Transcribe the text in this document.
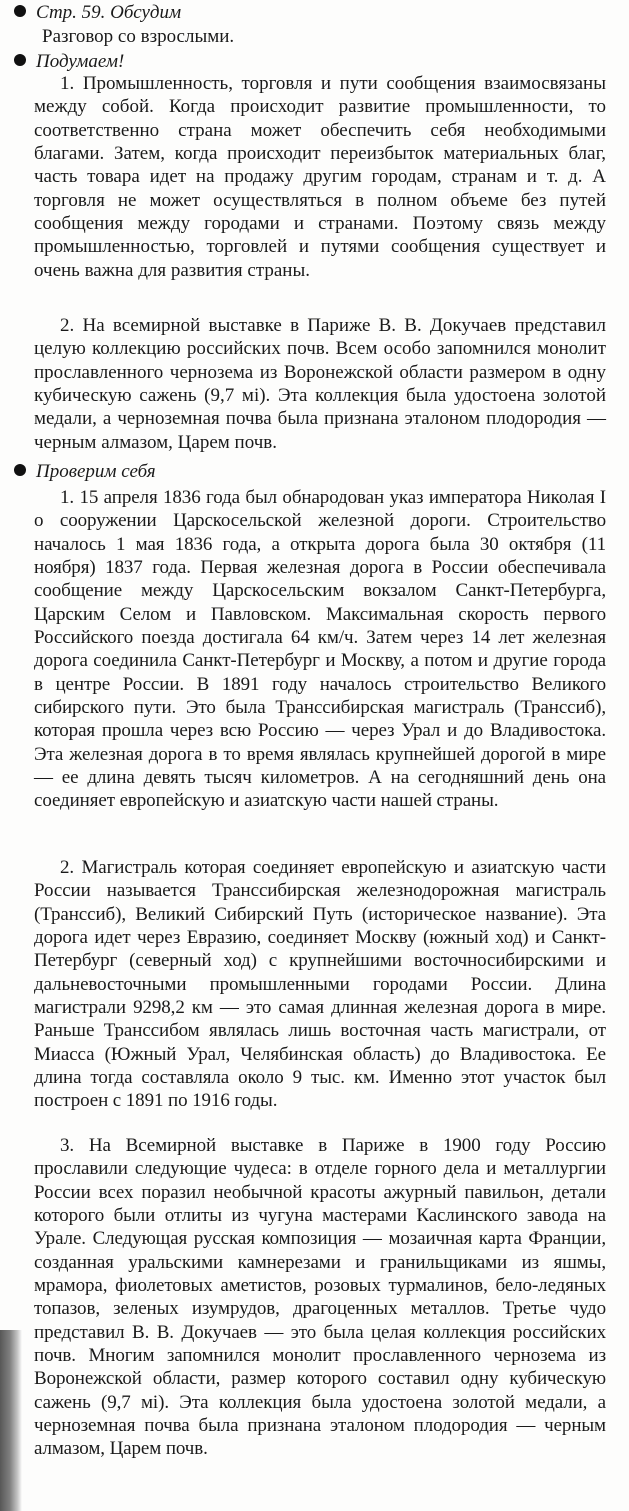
Стр. 59. Обсудим
Разговор со взрослыми.
Подумаем!

1. Промышленность, торговля и пути сообщения взаимосвязаны между собой. Когда происходит развитие промышленности, то соответственно страна может обеспечить себя необходимыми благами. Затем, когда происходит переизбыток материальных благ, часть товара идет на продажу другим городам, странам и т. д. А торговля не может осуществляться в полном объеме без путей сообщения между городами и странами. Поэтому связь между промышленностью, торговлей и путями сообщения существует и очень важна для развития страны.

2. На всемирной выставке в Париже В. В. Докучаев представил целую коллекцию российских почв. Всем особо запомнился монолит прославленного чернозема из Воронежской области размером в одну кубическую сажень (9,7 мі). Эта коллекция была удостоена золотой медали, а черноземная почва была признана эталоном плодородия — черным алмазом, Царем почв.

Проверим себя

1. 15 апреля 1836 года был обнародован указ императора Николая I о сооружении Царскосельской железной дороги. Строительство началось 1 мая 1836 года, а открыта дорога была 30 октября (11 ноября) 1837 года. Первая железная дорога в России обеспечивала сообщение между Царскосельским вокзалом Санкт-Петербурга, Царским Селом и Павловском. Максимальная скорость первого Российского поезда достигала 64 км/ч. Затем через 14 лет железная дорога соединила Санкт-Петербург и Москву, а потом и другие города в центре России. В 1891 году началось строительство Великого сибирского пути. Это была Транссибирская магистраль (Транссиб), которая прошла через всю Россию — через Урал и до Владивостока. Эта железная дорога в то время являлась крупнейшей дорогой в мире — ее длина девять тысяч километров. А на сегодняшний день она соединяет европейскую и азиатскую части нашей страны.

2. Магистраль которая соединяет европейскую и азиатскую части России называется Транссибирская железнодорожная магистраль (Транссиб), Великий Сибирский Путь (историческое название). Эта дорога идет через Евразию, соединяет Москву (южный ход) и Санкт-Петербург (северный ход) с крупнейшими восточносибирскими и дальневосточными промышленными городами России. Длина магистрали 9298,2 км — это самая длинная железная дорога в мире. Раньше Транссибом являлась лишь восточная часть магистрали, от Миасса (Южный Урал, Челябинская область) до Владивостока. Ее длина тогда составляла около 9 тыс. км. Именно этот участок был построен с 1891 по 1916 годы.

3. На Всемирной выставке в Париже в 1900 году Россию прославили следующие чудеса: в отделе горного дела и металлургии России всех поразил необычной красоты ажурный павильон, детали которого были отлиты из чугуна мастерами Каслинского завода на Урале. Следующая русская композиция — мозаичная карта Франции, созданная уральскими камнерезами и гранильщиками из яшмы, мрамора, фиолетовых аметистов, розовых турмалинов, бело-ледяных топазов, зеленых изумрудов, драгоценных металлов. Третье чудо представил В. В. Докучаев — это была целая коллекция российских почв. Многим запомнился монолит прославленного чернозема из Воронежской области, размер которого составил одну кубическую сажень (9,7 мі). Эта коллекция была удостоена золотой медали, а черноземная почва была признана эталоном плодородия — черным алмазом, Царем почв.
